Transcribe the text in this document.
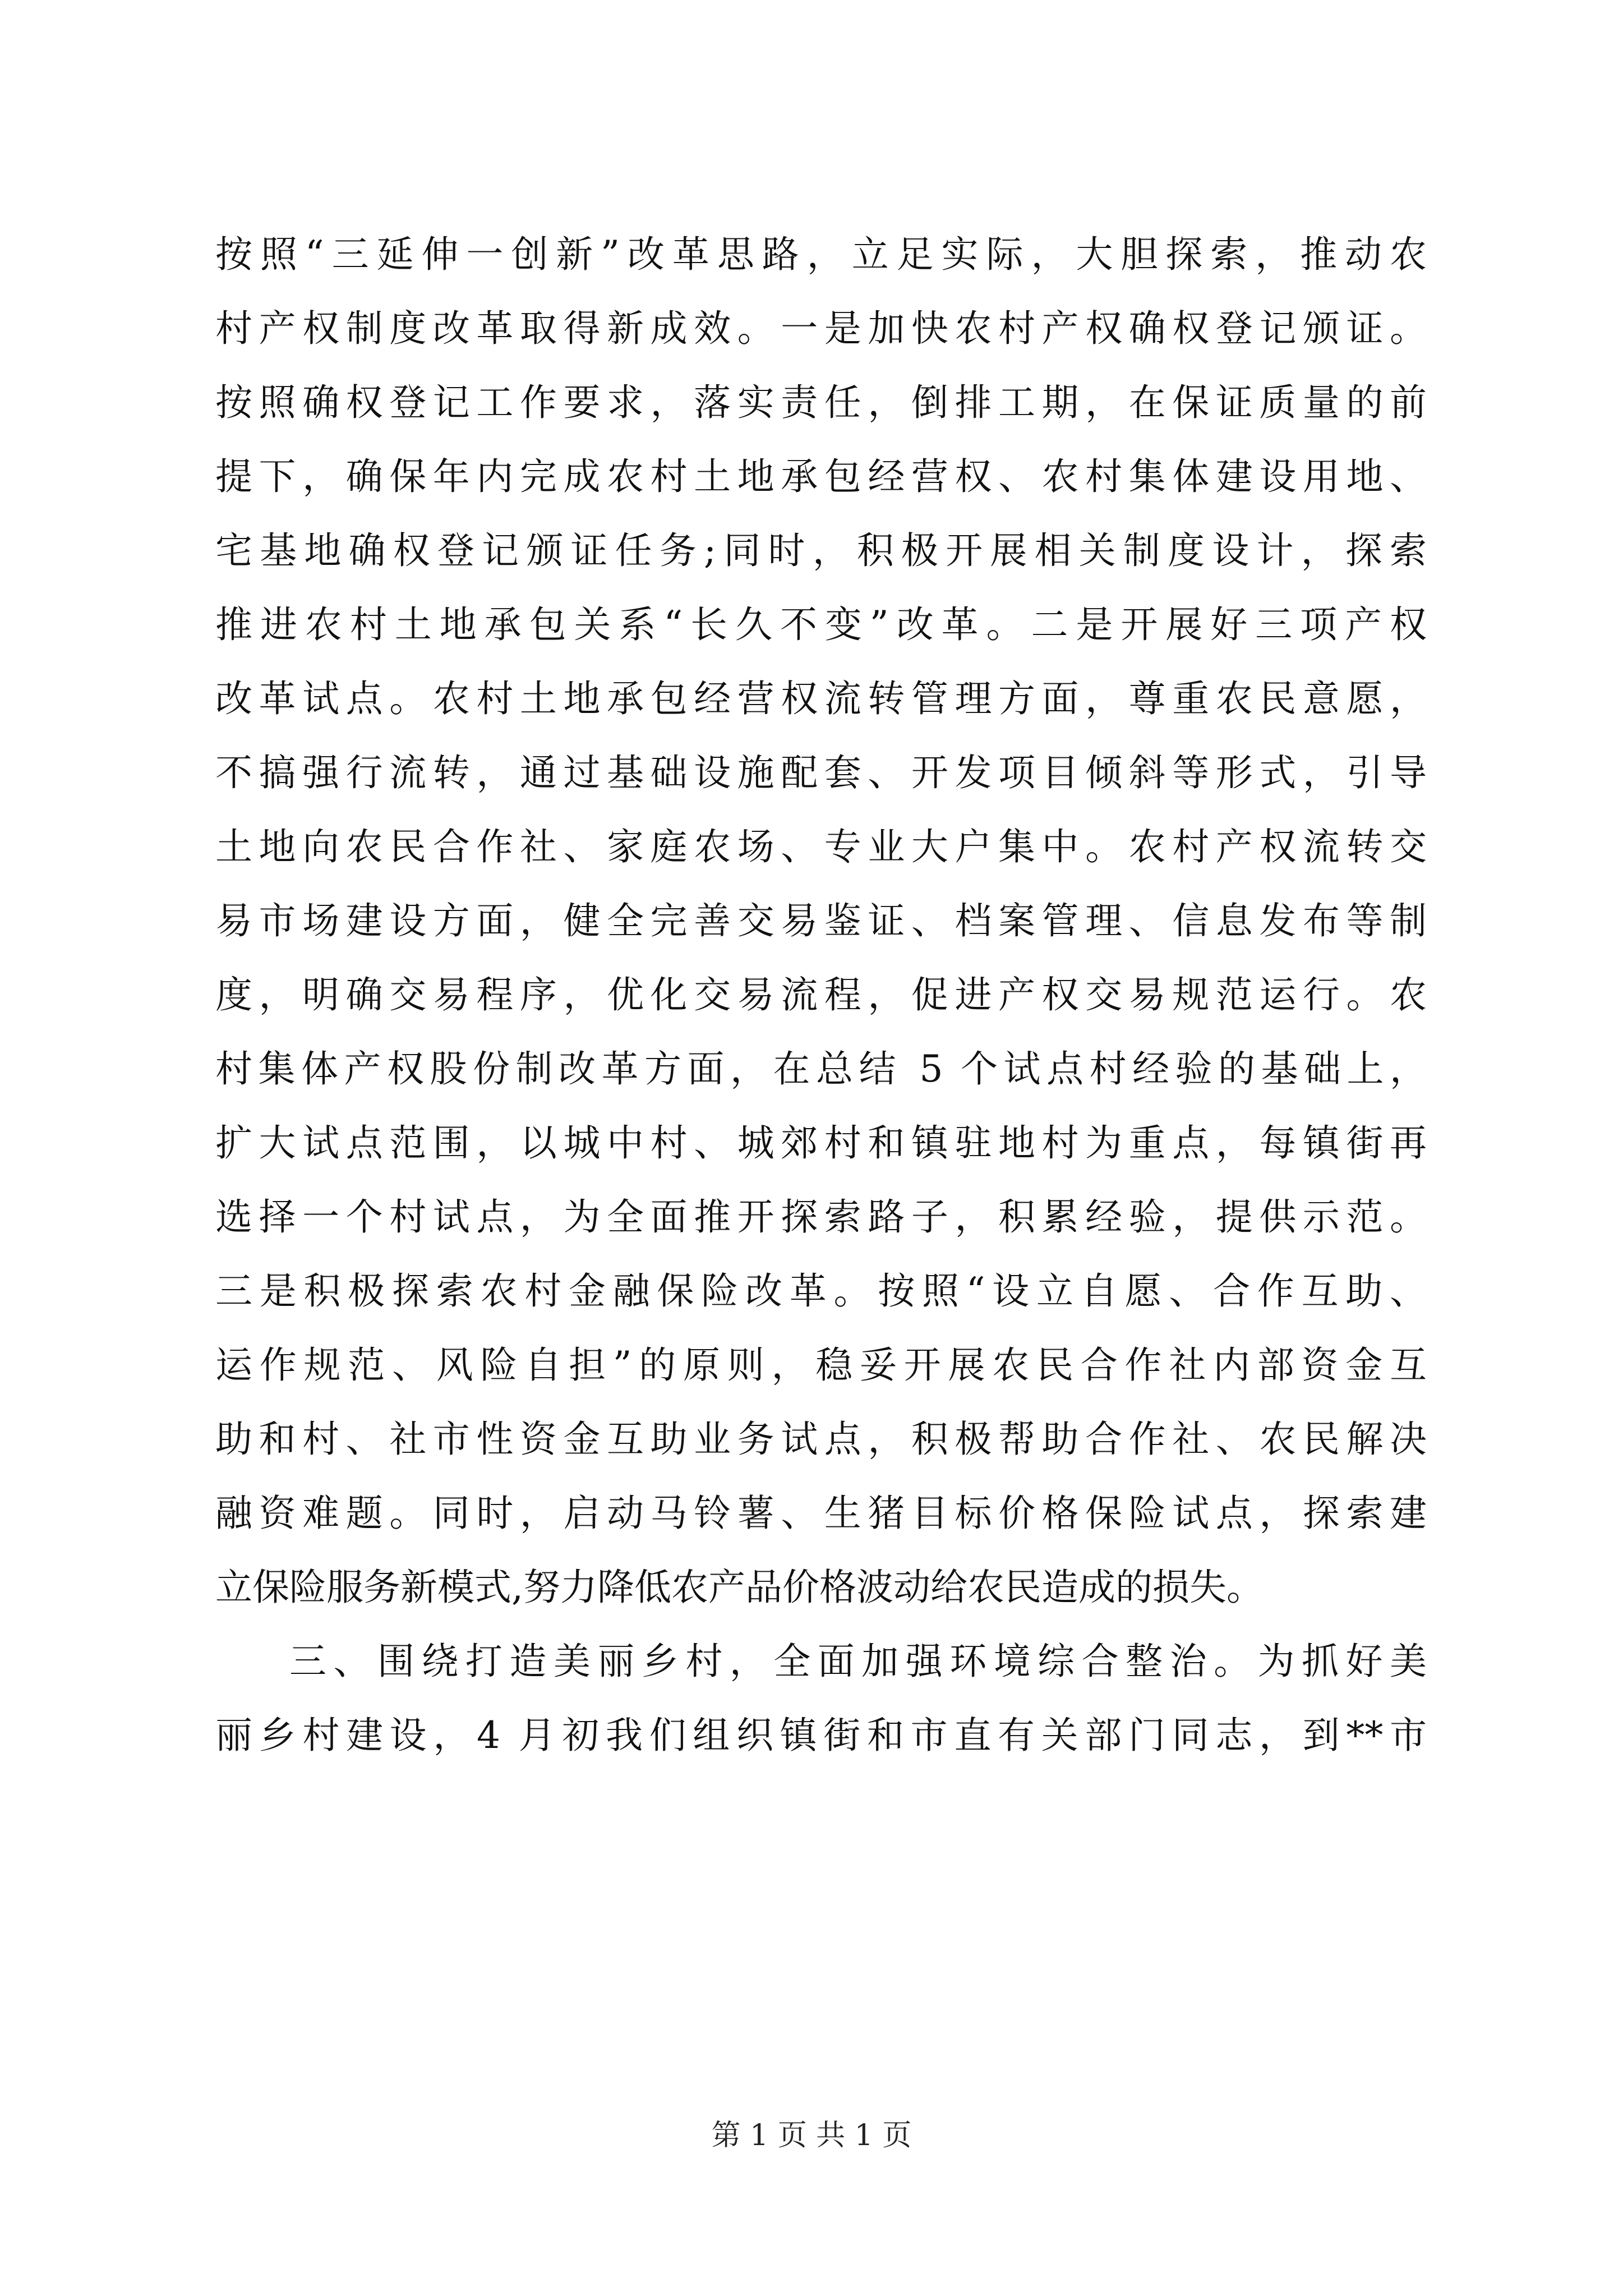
按照“三延伸一创新”改革思路，立足实际，大胆探索，推动农
村产权制度改革取得新成效。一是加快农村产权确权登记颁证。
按照确权登记工作要求，落实责任，倒排工期，在保证质量的前
提下，确保年内完成农村土地承包经营权、农村集体建设用地、
宅基地确权登记颁证任务;同时，积极开展相关制度设计，探索
推进农村土地承包关系“长久不变”改革。二是开展好三项产权
改革试点。农村土地承包经营权流转管理方面，尊重农民意愿，
不搞强行流转，通过基础设施配套、开发项目倾斜等形式，引导
土地向农民合作社、家庭农场、专业大户集中。农村产权流转交
易市场建设方面，健全完善交易鉴证、档案管理、信息发布等制
度，明确交易程序，优化交易流程，促进产权交易规范运行。农
村集体产权股份制改革方面，在总结 5 个试点村经验的基础上，
扩大试点范围，以城中村、城郊村和镇驻地村为重点，每镇街再
选择一个村试点，为全面推开探索路子，积累经验，提供示范。
三是积极探索农村金融保险改革。按照“设立自愿、合作互助、
运作规范、风险自担”的原则，稳妥开展农民合作社内部资金互
助和村、社市性资金互助业务试点，积极帮助合作社、农民解决
融资难题。同时，启动马铃薯、生猪目标价格保险试点，探索建
立保险服务新模式,努力降低农产品价格波动给农民造成的损失。
三、围绕打造美丽乡村，全面加强环境综合整治。为抓好美
丽乡村建设，4 月初我们组织镇街和市直有关部门同志，到**市
第 1 页 共 1 页
